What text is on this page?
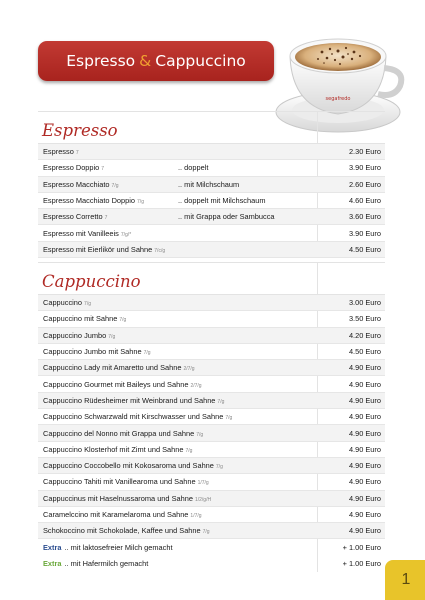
Espresso & Cappuccino
segafredo
Espresso
Espresso 7	2.30 Euro
Espresso Doppio 7	.. doppelt	3.90 Euro
Espresso Macchiato 7/g	.. mit Milchschaum	2.60 Euro
Espresso Macchiato Doppio 7/g	.. doppelt mit Milchschaum	4.60 Euro
Espresso Corretto 7	.. mit Grappa oder Sambucca	3.60 Euro
Espresso mit Vanilleeis 7/g/*	3.90 Euro
Espresso mit Eierlikör und Sahne 7/c/g	4.50 Euro
Cappuccino
Cappuccino 7/g	3.00 Euro
Cappuccino mit Sahne 7/g	3.50 Euro
Cappuccino Jumbo 7/g	4.20 Euro
Cappuccino Jumbo mit Sahne 7/g	4.50 Euro
Cappuccino Lady mit Amaretto und Sahne 2/7/g	4.90 Euro
Cappuccino Gourmet mit Baileys und Sahne 2/7/g	4.90 Euro
Cappuccino Rüdesheimer mit Weinbrand und Sahne 7/g	4.90 Euro
Cappuccino Schwarzwald mit Kirschwasser und Sahne 7/g	4.90 Euro
Cappuccino del Nonno mit Grappa und Sahne 7/g	4.90 Euro
Cappuccino Klosterhof mit Zimt und Sahne 7/g	4.90 Euro
Cappuccino Coccobello mit Kokosaroma und Sahne 7/g	4.90 Euro
Cappuccino Tahiti mit Vanillearoma und Sahne 1/7/g	4.90 Euro
Cappuccinus mit Haselnussaroma und Sahne 1/2/g/H	4.90 Euro
Caramelccino mit Karamelaroma und Sahne 1/7/g	4.90 Euro
Schokoccino mit Schokolade, Kaffee und Sahne 7/g	4.90 Euro
Extra .. mit laktosefreier Milch gemacht	+ 1.00 Euro
Extra .. mit Hafermilch gemacht	+ 1.00 Euro
1
